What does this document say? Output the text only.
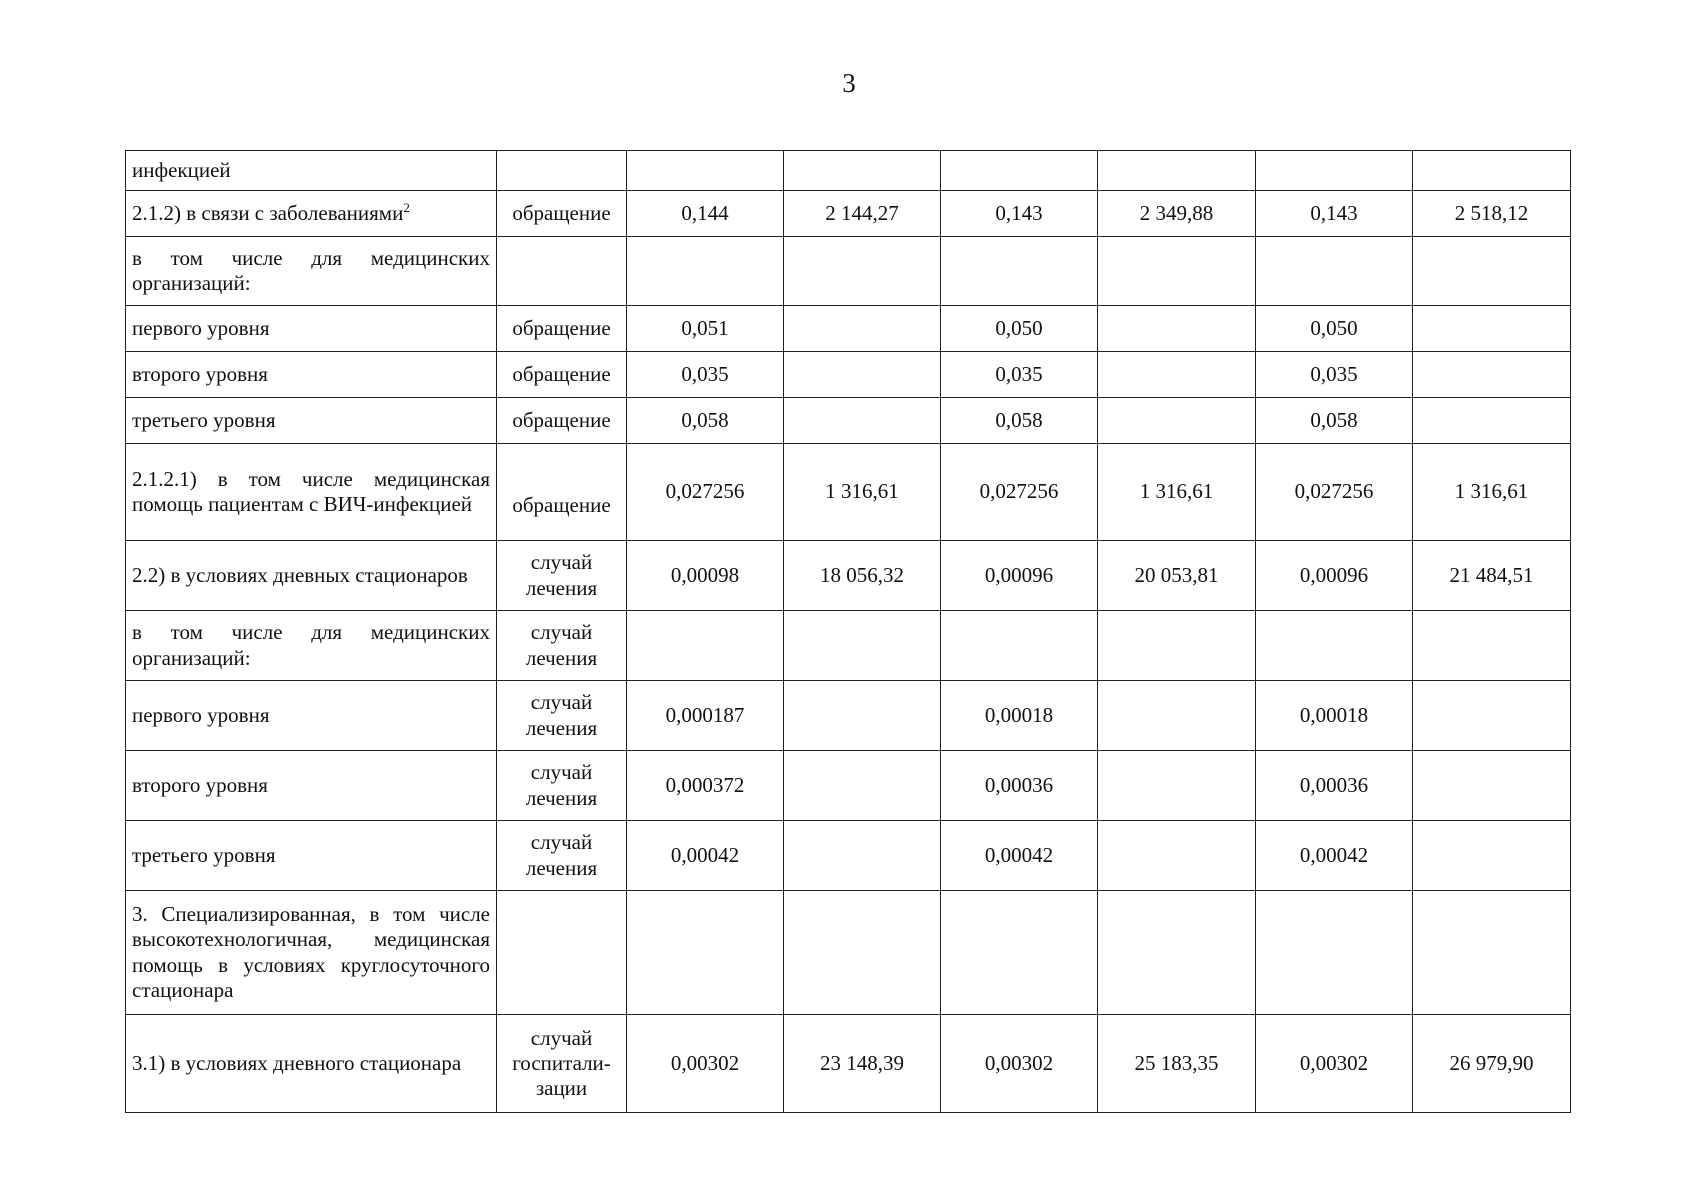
3
инфекцией							
2.1.2) в связи с заболеваниями$^2$	обращение	0,144	2 144,27	0,143	2 349,88	0,143	2 518,12
в том числе для медицинских организаций:							
первого уровня	обращение	0,051		0,050		0,050	
второго уровня	обращение	0,035		0,035		0,035	
третьего уровня	обращение	0,058		0,058		0,058	
2.1.2.1) в том числе медицинская помощь пациентам с ВИЧ-инфекцией	обращение	0,027256	1 316,61	0,027256	1 316,61	0,027256	1 316,61
2.2) в условиях дневных стационаров	случай лечения	0,00098	18 056,32	0,00096	20 053,81	0,00096	21 484,51
в том числе для медицинских организаций:	случай лечения						
первого уровня	случай лечения	0,000187		0,00018		0,00018	
второго уровня	случай лечения	0,000372		0,00036		0,00036	
третьего уровня	случай лечения	0,00042		0,00042		0,00042	
3. Специализированная, в том числе высокотехнологичная, медицинская помощь в условиях круглосуточного стационара							
3.1) в условиях дневного стационара	случай госпитали-зации	0,00302	23 148,39	0,00302	25 183,35	0,00302	26 979,90
